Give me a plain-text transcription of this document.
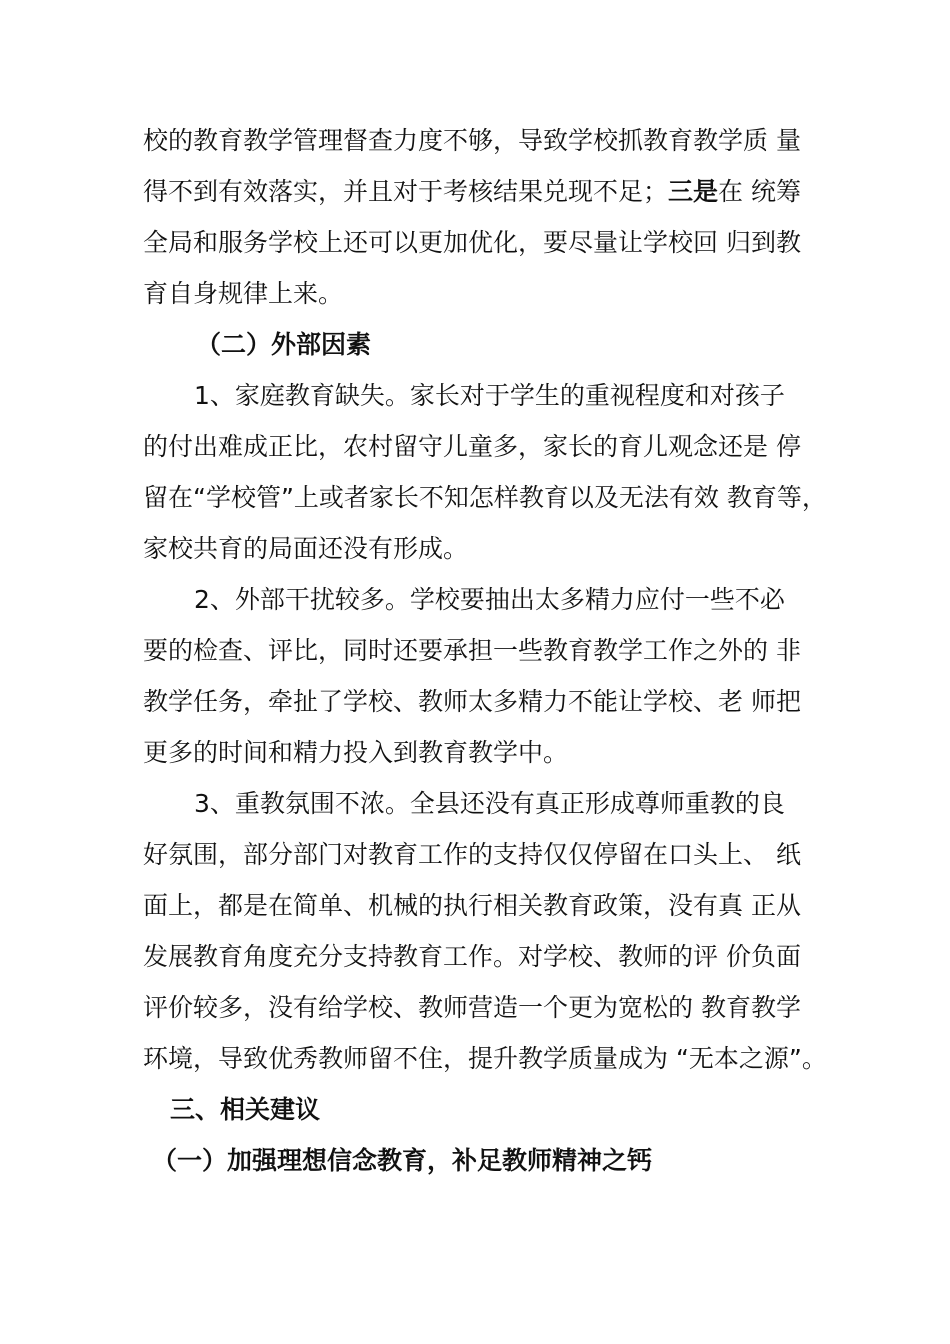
校的教育教学管理督查力度不够，导致学校抓教育教学质 量

得不到有效落实，并且对于考核结果兑现不足；三是在 统筹

全局和服务学校上还可以更加优化，要尽量让学校回 归到教

育自身规律上来。

（二）外部因素

1、家庭教育缺失。家长对于学生的重视程度和对孩子

的付出难成正比，农村留守儿童多，家长的育儿观念还是 停

留在“学校管”上或者家长不知怎样教育以及无法有效 教育等，

家校共育的局面还没有形成。

2、外部干扰较多。学校要抽出太多精力应付一些不必

要的检查、评比，同时还要承担一些教育教学工作之外的 非

教学任务，牵扯了学校、教师太多精力不能让学校、老 师把

更多的时间和精力投入到教育教学中。

3、重教氛围不浓。全县还没有真正形成尊师重教的良

好氛围，部分部门对教育工作的支持仅仅停留在口头上、 纸

面上，都是在简单、机械的执行相关教育政策，没有真 正从

发展教育角度充分支持教育工作。对学校、教师的评 价负面

评价较多，没有给学校、教师营造一个更为宽松的 教育教学

环境，导致优秀教师留不住，提升教学质量成为 “无本之源”。

三、相关建议

（一）加强理想信念教育，补足教师精神之钙
